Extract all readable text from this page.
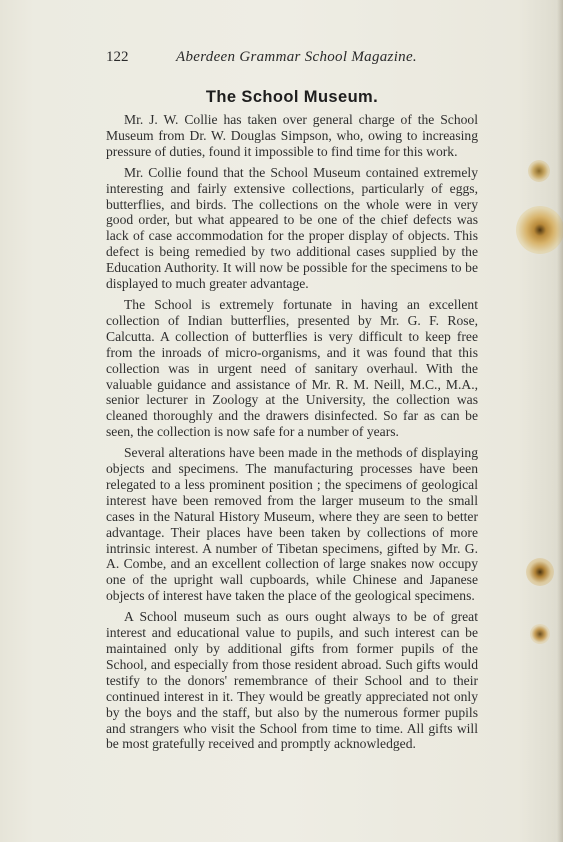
122	Aberdeen Grammar School Magazine.
The School Museum.

Mr. J. W. Collie has taken over general charge of the School Museum from Dr. W. Douglas Simpson, who, owing to increasing pressure of duties, found it impossible to find time for this work.

Mr. Collie found that the School Museum contained extremely interesting and fairly extensive collections, particularly of eggs, butterflies, and birds. The collections on the whole were in very good order, but what appeared to be one of the chief defects was lack of case accommodation for the proper display of objects. This defect is being remedied by two additional cases supplied by the Education Authority. It will now be possible for the specimens to be displayed to much greater advantage.

The School is extremely fortunate in having an excellent collection of Indian butterflies, presented by Mr. G. F. Rose, Calcutta. A collection of butterflies is very difficult to keep free from the inroads of micro-organisms, and it was found that this collection was in urgent need of sanitary overhaul. With the valuable guidance and assistance of Mr. R. M. Neill, M.C., M.A., senior lecturer in Zoology at the University, the collection was cleaned thoroughly and the drawers disinfected. So far as can be seen, the collection is now safe for a number of years.

Several alterations have been made in the methods of displaying objects and specimens. The manufacturing processes have been relegated to a less prominent position ; the specimens of geological interest have been removed from the larger museum to the small cases in the Natural History Museum, where they are seen to better advantage. Their places have been taken by collections of more intrinsic interest. A number of Tibetan specimens, gifted by Mr. G. A. Combe, and an excellent collection of large snakes now occupy one of the upright wall cupboards, while Chinese and Japanese objects of interest have taken the place of the geological specimens.

A School museum such as ours ought always to be of great interest and educational value to pupils, and such interest can be maintained only by additional gifts from former pupils of the School, and especially from those resident abroad. Such gifts would testify to the donors' remembrance of their School and to their continued interest in it. They would be greatly appreciated not only by the boys and the staff, but also by the numerous former pupils and strangers who visit the School from time to time. All gifts will be most gratefully received and promptly acknowledged.
